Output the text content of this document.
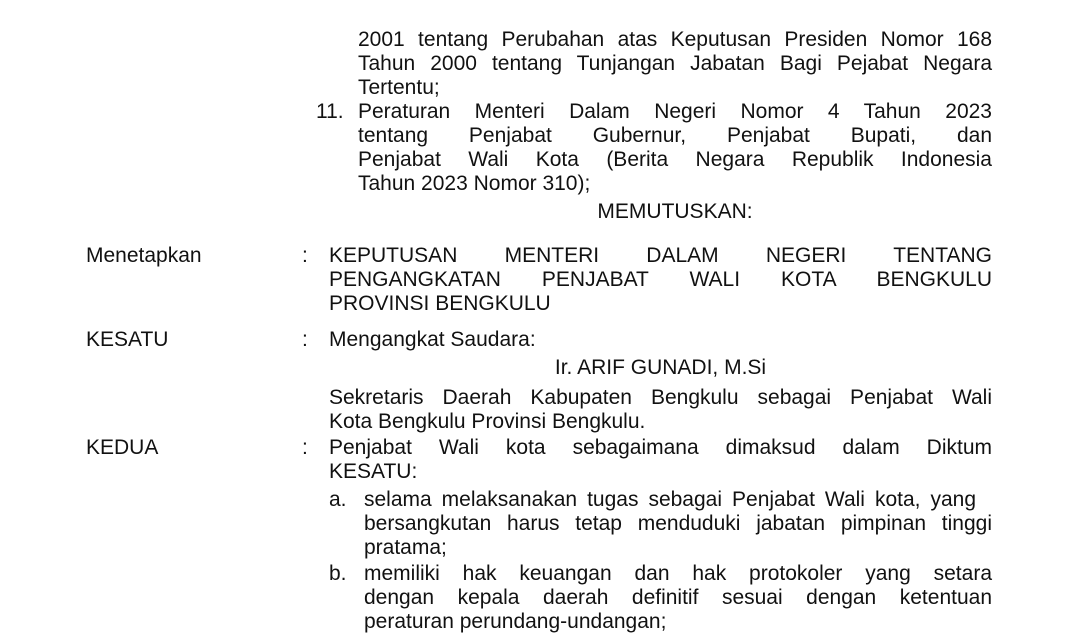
2001 tentang Perubahan atas Keputusan Presiden Nomor 168
Tahun 2000 tentang Tunjangan Jabatan Bagi Pejabat Negara
Tertentu;
11. Peraturan Menteri Dalam Negeri Nomor 4 Tahun 2023
tentang Penjabat Gubernur, Penjabat Bupati, dan
Penjabat Wali Kota (Berita Negara Republik Indonesia
Tahun 2023 Nomor 310);
MEMUTUSKAN:
Menetapkan	: KEPUTUSAN MENTERI DALAM NEGERI TENTANG
PENGANGKATAN PENJABAT WALI KOTA BENGKULU
PROVINSI BENGKULU
KESATU	: Mengangkat Saudara:
Ir. ARIF GUNADI, M.Si
Sekretaris Daerah Kabupaten Bengkulu sebagai Penjabat Wali
Kota Bengkulu Provinsi Bengkulu.
KEDUA	: Penjabat Wali kota sebagaimana dimaksud dalam Diktum
KESATU:
a. selama melaksanakan tugas sebagai Penjabat Wali kota, yang
bersangkutan harus tetap menduduki jabatan pimpinan tinggi
pratama;
b. memiliki hak keuangan dan hak protokoler yang setara
dengan kepala daerah definitif sesuai dengan ketentuan
peraturan perundang-undangan;
